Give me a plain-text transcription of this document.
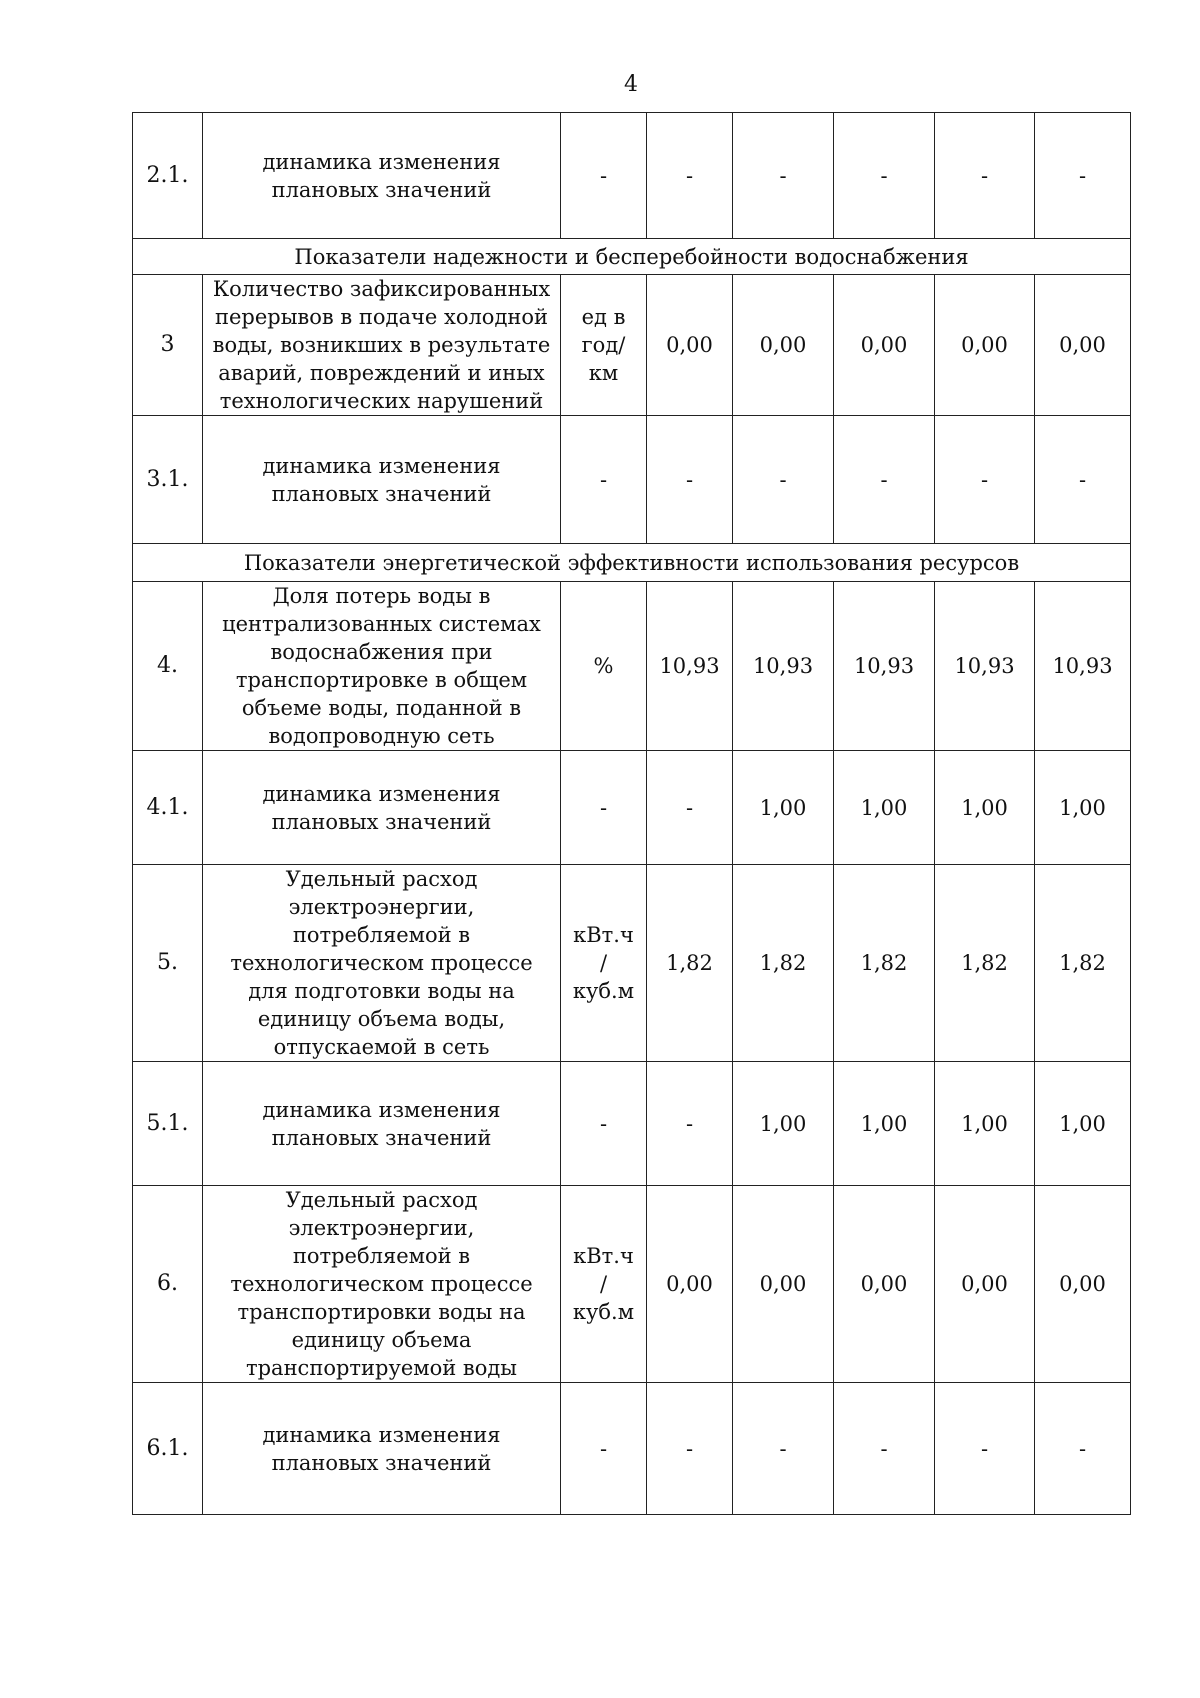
4
2.1.	динамика изменения плановых значений	-	-	-	-	-	-
Показатели надежности и бесперебойности водоснабжения							
3	Количество зафиксированных перерывов в подаче холодной воды, возникших в результате аварий, повреждений и иных технологических нарушений	ед в год/ км	0,00	0,00	0,00	0,00	0,00
3.1.	динамика изменения плановых значений	-	-	-	-	-	-
Показатели энергетической эффективности использования ресурсов							
4.	Доля потерь воды в централизованных системах водоснабжения при транспортировке в общем объеме воды, поданной в водопроводную сеть	%	10,93	10,93	10,93	10,93	10,93
4.1.	динамика изменения плановых значений	-	-	1,00	1,00	1,00	1,00
5.	Удельный расход электроэнергии, потребляемой в технологическом процессе для подготовки воды на единицу объема воды, отпускаемой в сеть	кВт.ч / куб.м	1,82	1,82	1,82	1,82	1,82
5.1.	динамика изменения плановых значений	-	-	1,00	1,00	1,00	1,00
6.	Удельный расход электроэнергии, потребляемой в технологическом процессе транспортировки воды на единицу объема транспортируемой воды	кВт.ч / куб.м	0,00	0,00	0,00	0,00	0,00
6.1.	динамика изменения плановых значений	-	-	-	-	-	-
